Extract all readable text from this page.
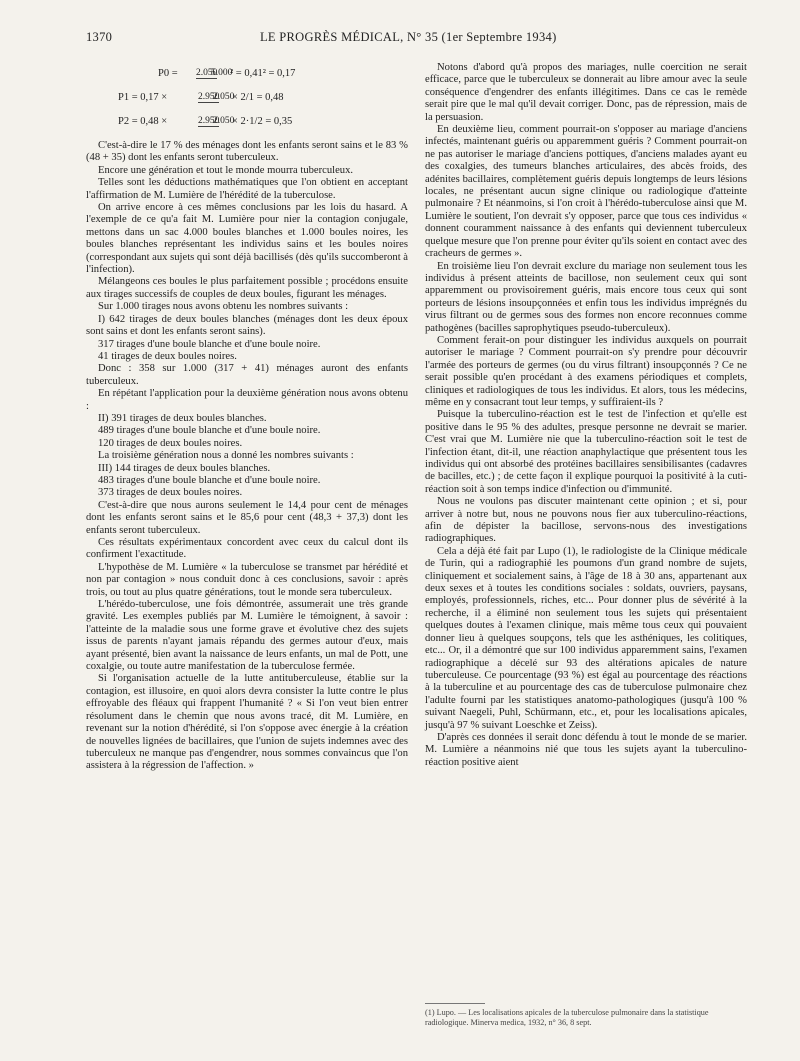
1370	LE PROGRÈS MÉDICAL, N° 35 (1er Septembre 1934)
P0 = 2.050
5.000
² = 0,41² = 0,17
P1 = 0,17 ×	2.950
2.050
× 2/1 = 0,48
P2 = 0,48 ×	2.950
2.050
× 2·1/2 = 0,35

C'est-à-dire le 17 % des ménages dont les enfants seront sains et le 83 % (48 + 35) dont les enfants seront tuberculeux.

Encore une génération et tout le monde mourra tuberculeux.

Telles sont les déductions mathématiques que l'on obtient en acceptant l'affirmation de M. Lumière de l'hérédité de la tuberculose.

On arrive encore à ces mêmes conclusions par les lois du hasard. A l'exemple de ce qu'a fait M. Lumière pour nier la contagion conjugale, mettons dans un sac 4.000 boules blanches et 1.000 boules noires, les boules blanches représentant les individus sains et les boules noires (correspondant aux sujets qui sont déjà bacillisés (dès qu'ils succomberont à l'infection).

Mélangeons ces boules le plus parfaitement possible ; procédons ensuite aux tirages successifs de couples de deux boules, figurant les ménages.

Sur 1.000 tirages nous avons obtenu les nombres suivants :

I) 642 tirages de deux boules blanches (ménages dont les deux époux sont sains et dont les enfants seront sains).

317 tirages d'une boule blanche et d'une boule noire.

41 tirages de deux boules noires.

Donc : 358 sur 1.000 (317 + 41) ménages auront des enfants tuberculeux.

En répétant l'application pour la deuxième génération nous avons obtenu :

II) 391 tirages de deux boules blanches.

489 tirages d'une boule blanche et d'une boule noire.

120 tirages de deux boules noires.

La troisième génération nous a donné les nombres suivants :

III) 144 tirages de deux boules blanches.

483 tirages d'une boule blanche et d'une boule noire.

373 tirages de deux boules noires.

C'est-à-dire que nous aurons seulement le 14,4 pour cent de ménages dont les enfants seront sains et le 85,6 pour cent (48,3 + 37,3) dont les enfants seront tuberculeux.

Ces résultats expérimentaux concordent avec ceux du calcul dont ils confirment l'exactitude.

L'hypothèse de M. Lumière « la tuberculose se transmet par hérédité et non par contagion » nous conduit donc à ces conclusions, savoir : après trois, ou tout au plus quatre générations, tout le monde sera tuberculeux.

L'hérédo-tuberculose, une fois démontrée, assumerait une très grande gravité. Les exemples publiés par M. Lumière le témoignent, à savoir : l'atteinte de la maladie sous une forme grave et évolutive chez des sujets issus de parents n'ayant jamais répandu des germes autour d'eux, mais ayant présenté, bien avant la naissance de leurs enfants, un mal de Pott, une coxalgie, ou toute autre manifestation de la tuberculose fermée.

Si l'organisation actuelle de la lutte antituberculeuse, établie sur la contagion, est illusoire, en quoi alors devra consister la lutte contre le plus effroyable des fléaux qui frappent l'humanité ? « Si l'on veut bien entrer résolument dans le chemin que nous avons tracé, dit M. Lumière, en revenant sur la notion d'hérédité, si l'on s'oppose avec énergie à la création de nouvelles lignées de bacillaires, que l'union de sujets indemnes avec des tuberculeux ne manque pas d'engendrer, nous sommes convaincus que l'on assistera à la régression de l'affection. »

Notons d'abord qu'à propos des mariages, nulle coercition ne serait efficace, parce que le tuberculeux se donnerait au libre amour avec la seule conséquence d'engendrer des enfants illégitimes. Dans ce cas le remède serait pire que le mal qu'il devait corriger. Donc, pas de répression, mais de la persuasion.

En deuxième lieu, comment pourrait-on s'opposer au mariage d'anciens infectés, maintenant guéris ou apparemment guéris ? Comment pourrait-on ne pas autoriser le mariage d'anciens pottiques, d'anciens malades ayant eu des coxalgies, des tumeurs blanches articulaires, des abcès froids, des adénites bacillaires, complètement guéris depuis longtemps de leurs lésions locales, ne présentant aucun signe clinique ou radiologique d'atteinte pulmonaire ? Et néanmoins, si l'on croit à l'hérédo-tuberculose ainsi que M. Lumière le soutient, l'on devrait s'y opposer, parce que tous ces individus « donnent couramment naissance à des enfants qui deviennent tuberculeux quelque mesure que l'on prenne pour éviter qu'ils soient en contact avec des cracheurs de germes ».

En troisième lieu l'on devrait exclure du mariage non seulement tous les individus à présent atteints de bacillose, non seulement ceux qui sont apparemment ou provisoirement guéris, mais encore tous ceux qui sont porteurs de lésions insoupçonnées et enfin tous les individus imprégnés du virus filtrant ou de germes sous des formes non encore reconnues comme pathogènes (bacilles saprophytiques pseudo-tuberculeux).

Comment ferait-on pour distinguer les individus auxquels on pourrait autoriser le mariage ? Comment pourrait-on s'y prendre pour découvrir l'armée des porteurs de germes (ou du virus filtrant) insoupçonnés ? Ce ne serait possible qu'en procédant à des examens périodiques et complets, cliniques et radiologiques de tous les individus. Et alors, tous les médecins, même en y consacrant tout leur temps, y suffiraient-ils ?

Puisque la tuberculino-réaction est le test de l'infection et qu'elle est positive dans le 95 % des adultes, presque personne ne devrait se marier. C'est vrai que M. Lumière nie que la tuberculino-réaction soit le test de l'infection étant, dit-il, une réaction anaphylactique que présentent tous les individus qui ont absorbé des protéines bacillaires sensibilisantes (cadavres de bacilles, etc.) ; de cette façon il explique pourquoi la positivité à la cuti-réaction soit à son temps indice d'infection ou d'immunité.

Nous ne voulons pas discuter maintenant cette opinion ; et si, pour arriver à notre but, nous ne pouvons nous fier aux tuberculino-réactions, afin de dépister la bacillose, servons-nous des investigations radiographiques.

Cela a déjà été fait par Lupo (1), le radiologiste de la Clinique médicale de Turin, qui a radiographié les poumons d'un grand nombre de sujets, cliniquement et socialement sains, à l'âge de 18 à 30 ans, appartenant aux deux sexes et à toutes les conditions sociales : soldats, ouvriers, paysans, employés, professionnels, riches, etc... Pour donner plus de sévérité à la recherche, il a éliminé non seulement tous les sujets qui présentaient quelques doutes à l'examen clinique, mais même tous ceux qui pouvaient donner lieu à quelques soupçons, tels que les asthéniques, les colitiques, etc... Or, il a démontré que sur 100 individus apparemment sains, l'examen radiographique a décelé sur 93 des altérations apicales de nature tuberculeuse. Ce pourcentage (93 %) est égal au pourcentage des réactions à la tuberculine et au pourcentage des cas de tuberculose pulmonaire chez l'adulte fourni par les statistiques anatomo-pathologiques (jusqu'à 100 % suivant Naegeli, Puhl, Schürmann, etc., et, pour les localisations apicales, jusqu'à 97 % suivant Loeschke et Zeiss).

D'après ces données il serait donc défendu à tout le monde de se marier. M. Lumière a néanmoins nié que tous les sujets ayant la tuberculino-réaction positive aient

(1) Lupo. — Les localisations apicales de la tuberculose pulmonaire dans la statistique radiologique. Minerva medica, 1932, n° 36, 8 sept.
